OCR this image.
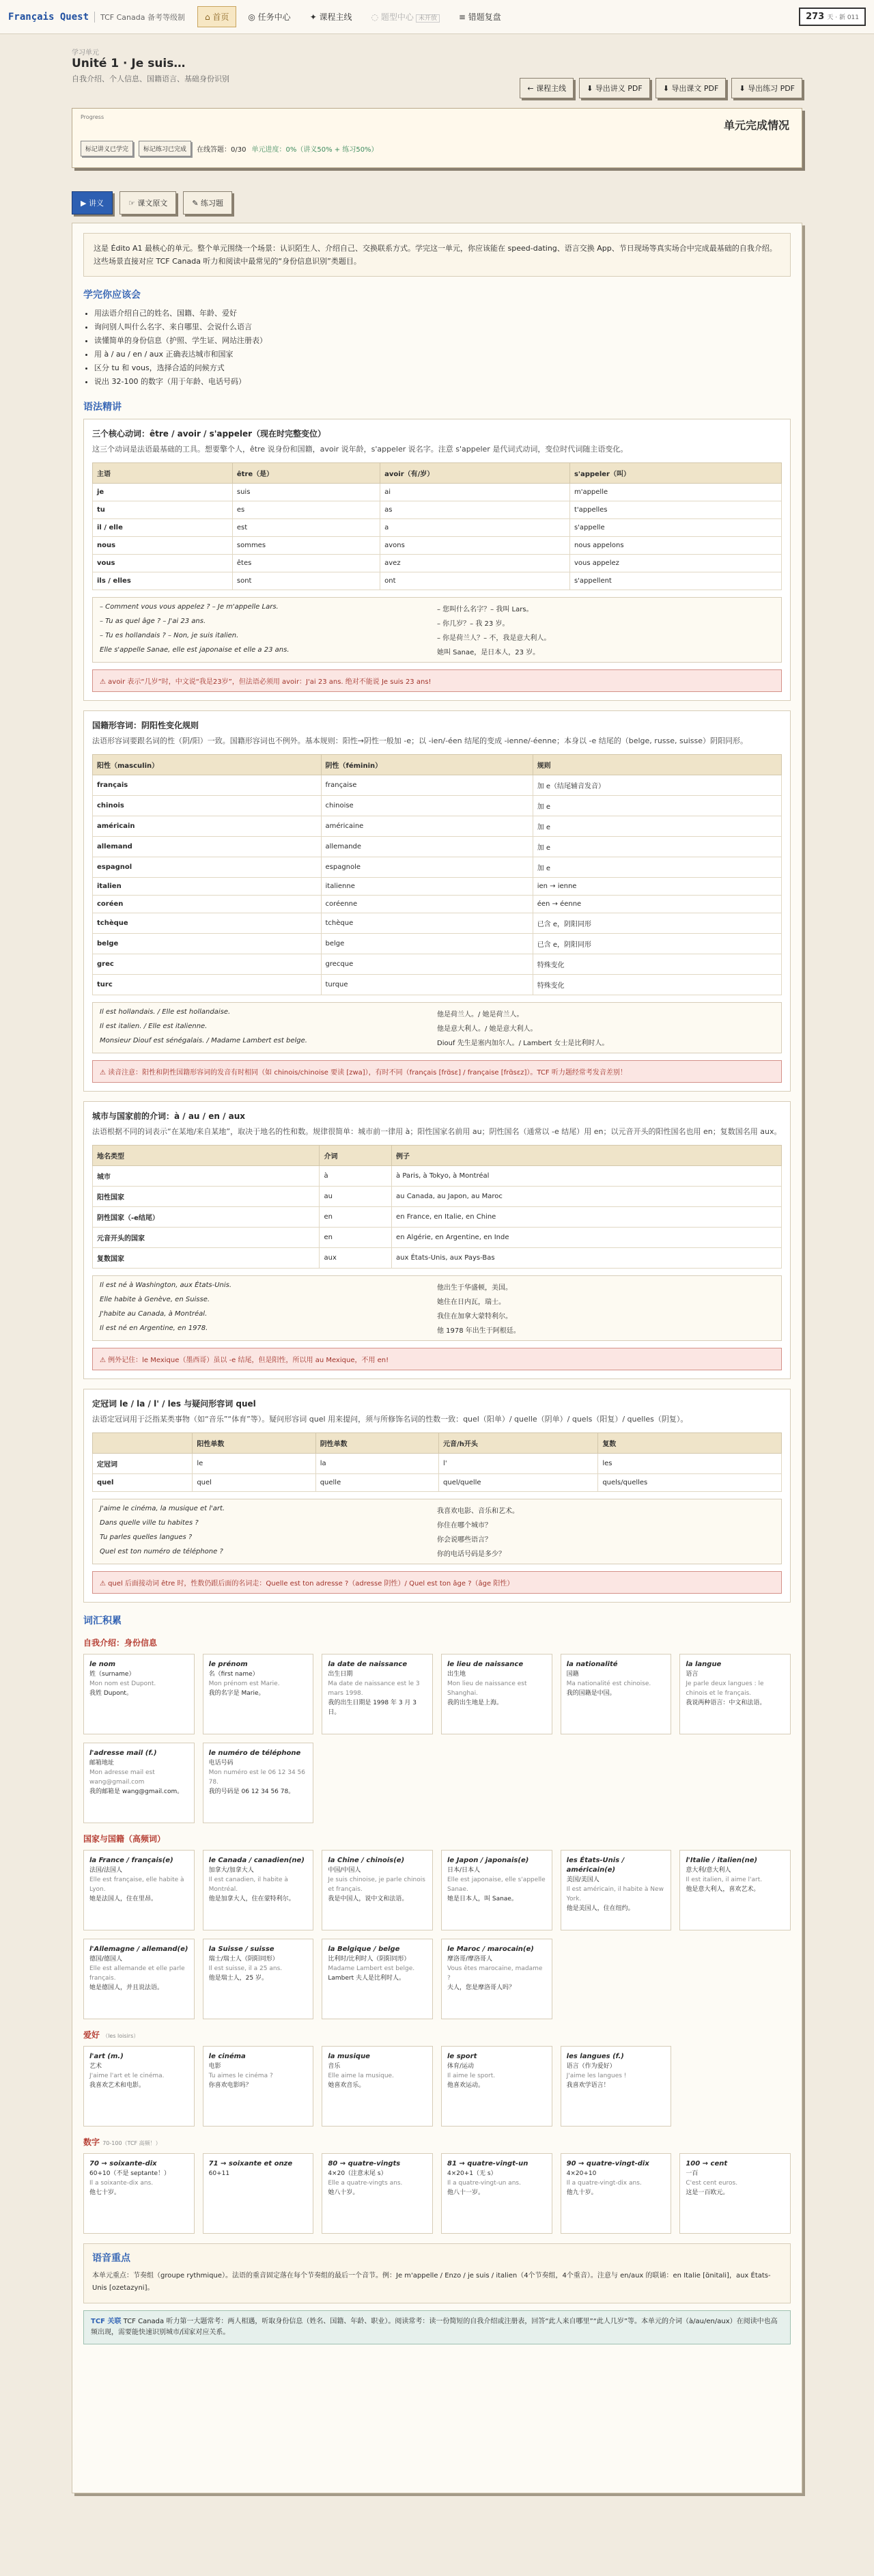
Français Quest	TCF Canada 备考等级制	⌂ 首页	◎ 任务中心	✦ 课程主线	◌ 题型中心 未开放	≡ 错题复盘	273 天 · 新 011
学习单元
Unité 1 · Je suis…
自我介绍、个人信息、国籍语言、基础身份识别
← 课程主线	⬇ 导出讲义 PDF	⬇ 导出课文 PDF	⬇ 导出练习 PDF
Progress
单元完成情况
标记讲义已学完	标记练习已完成	在线答题：0/30 单元进度：0%（讲义50% + 练习50%）
▶ 讲义	☞ 课文原文	✎ 练习题
这是 Édito A1 最核心的单元。整个单元围绕一个场景：认识陌生人、介绍自己、交换联系方式。学完这一单元，你应该能在 speed-dating、语言交换 App、节日现场等真实场合中完成最基础的自我介绍。这些场景直接对应 TCF Canada 听力和阅读中最常见的“身份信息识别”类题目。
学完你应该会
• 用法语介绍自己的姓名、国籍、年龄、爱好
• 询问别人叫什么名字、来自哪里、会说什么语言
• 读懂简单的身份信息（护照、学生证、网站注册表）
• 用 à / au / en / aux 正确表达城市和国家
• 区分 tu 和 vous，选择合适的问候方式
• 说出 32-100 的数字（用于年龄、电话号码）
语法精讲
三个核心动词：être / avoir / s'appeler（现在时完整变位）
这三个动词是法语最基础的工具。想要擎个人，être 说身份和国籍，avoir 说年龄，s'appeler 说名字。注意 s'appeler 是代词式动词，变位时代词随主语变化。
主语	être（是）	avoir（有/岁）	s'appeler（叫）
je	suis	ai	m'appelle
tu	es	as	t'appelles
il / elle	est	a	s'appelle
nous	sommes	avons	nous appelons
vous	êtes	avez	vous appelez
ils / elles	sont	ont	s'appellent
– Comment vous vous appelez ? – Je m'appelle Lars.	– 您叫什么名字？– 我叫 Lars。
– Tu as quel âge ? – J'ai 23 ans.	– 你几岁？– 我 23 岁。
– Tu es hollandais ? – Non, je suis italien.	– 你是荷兰人？– 不，我是意大利人。
Elle s'appelle Sanae, elle est japonaise et elle a 23 ans.	她叫 Sanae，是日本人，23 岁。
⚠ avoir 表示“几岁”时，中文说“我是23岁”，但法语必须用 avoir：J'ai 23 ans. 绝对不能说 Je suis 23 ans!
国籍形容词：阴阳性变化规则
法语形容词要跟名词的性（阴/阳）一致。国籍形容词也不例外。基本规则：阳性→阴性一般加 -e；以 -ien/-éen 结尾的变成 -ienne/-éenne；本身以 -e 结尾的（belge, russe, suisse）阴阳同形。
阳性（masculin）	阴性（féminin）	规则
français	française	加 e（结尾辅音发音）
chinois	chinoise	加 e
américain	américaine	加 e
allemand	allemande	加 e
espagnol	espagnole	加 e
italien	italienne	ien → ienne
coréen	coréenne	éen → éenne
tchèque	tchèque	已含 e，阴阳同形
belge	belge	已含 e，阴阳同形
grec	grecque	特殊变化
turc	turque	特殊变化
Il est hollandais. / Elle est hollandaise.	他是荷兰人。/ 她是荷兰人。
Il est italien. / Elle est italienne.	他是意大利人。/ 她是意大利人。
Monsieur Diouf est sénégalais. / Madame Lambert est belge.	Diouf 先生是塞内加尔人。/ Lambert 女士是比利时人。
⚠ 读音注意：阳性和阴性国籍形容词的发音有时相同（如 chinois/chinoise 要读 [zwa]），有时不同（français [frɑ̃sɛ] / française [frɑ̃sɛz]）。TCF 听力题经常考发音差别！
城市与国家前的介词：à / au / en / aux
法语根据不同的词表示“在某地/来自某地”，取决于地名的性和数。规律很简单：城市前一律用 à；阳性国家名前用 au；阴性国名（通常以 -e 结尾）用 en；以元音开头的阳性国名也用 en；复数国名用 aux。
地名类型	介词	例子
城市	à	à Paris, à Tokyo, à Montréal
阳性国家	au	au Canada, au Japon, au Maroc
阴性国家（-e结尾）	en	en France, en Italie, en Chine
元音开头的国家	en	en Algérie, en Argentine, en Inde
复数国家	aux	aux États-Unis, aux Pays-Bas
Il est né à Washington, aux États-Unis.	他出生于华盛顿，美国。
Elle habite à Genève, en Suisse.	她住在日内瓦，瑞士。
J'habite au Canada, à Montréal.	我住在加拿大蒙特利尔。
Il est né en Argentine, en 1978.	他 1978 年出生于阿根廷。
⚠ 例外记住：le Mexique（墨西哥）虽以 -e 结尾，但是阳性，所以用 au Mexique，不用 en!
定冠词 le / la / l' / les 与疑问形容词 quel
法语定冠词用于泛指某类事物（如“音乐”“体育”等）。疑问形容词 quel 用来提问，须与所修饰名词的性数一致：quel（阳单）/ quelle（阴单）/ quels（阳复）/ quelles（阴复）。
	阳性单数	阴性单数	元音/h开头	复数
定冠词	le	la	l'	les
quel	quel	quelle	quel/quelle	quels/quelles
J'aime le cinéma, la musique et l'art.	我喜欢电影、音乐和艺术。
Dans quelle ville tu habites ?	你住在哪个城市？
Tu parles quelles langues ?	你会说哪些语言？
Quel est ton numéro de téléphone ?	你的电话号码是多少？
⚠ quel 后面接动词 être 时，性数仍跟后面的名词走：Quelle est ton adresse ?（adresse 阴性）/ Quel est ton âge ?（âge 阳性）
词汇积累
自我介绍：身份信息
le nom
姓（surname）
Mon nom est Dupont.
我姓 Dupont。
le prénom
名（first name）
Mon prénom est Marie.
我的名字是 Marie。
la date de naissance
出生日期
Ma date de naissance est le 3 mars 1998.
我的出生日期是 1998 年 3 月 3 日。
le lieu de naissance
出生地
Mon lieu de naissance est Shanghai.
我的出生地是上海。
la nationalité
国籍
Ma nationalité est chinoise.
我的国籍是中国。
la langue
语言
Je parle deux langues : le chinois et le français.
我说两种语言：中文和法语。
l'adresse mail (f.)
邮箱地址
Mon adresse mail est wang@gmail.com
我的邮箱是 wang@gmail.com。
le numéro de téléphone
电话号码
Mon numéro est le 06 12 34 56 78.
我的号码是 06 12 34 56 78。
国家与国籍（高频词）
la France / français(e)
法国/法国人
Elle est française, elle habite à Lyon.
她是法国人，住在里昂。
le Canada / canadien(ne)
加拿大/加拿大人
Il est canadien, il habite à Montréal.
他是加拿大人，住在蒙特利尔。
la Chine / chinois(e)
中国/中国人
Je suis chinoise, je parle chinois et français.
我是中国人，说中文和法语。
le Japon / japonais(e)
日本/日本人
Elle est japonaise, elle s'appelle Sanae.
她是日本人，叫 Sanae。
les États-Unis / américain(e)
美国/美国人
Il est américain, il habite à New York.
他是美国人，住在纽约。
l'Italie / italien(ne)
意大利/意大利人
Il est italien, il aime l'art.
他是意大利人，喜欢艺术。
l'Allemagne / allemand(e)
德国/德国人
Elle est allemande et elle parle français.
她是德国人，并且说法语。
la Suisse / suisse
瑞士/瑞士人（阴阳同形）
Il est suisse, il a 25 ans.
他是瑞士人，25 岁。
la Belgique / belge
比利时/比利时人（阴阳同形）
Madame Lambert est belge.
Lambert 夫人是比利时人。
le Maroc / marocain(e)
摩洛哥/摩洛哥人
Vous êtes marocaine, madame ?
夫人，您是摩洛哥人吗？
爱好 （les loisirs）
l'art (m.)
艺术
J'aime l'art et le cinéma.
我喜欢艺术和电影。
le cinéma
电影
Tu aimes le cinéma ?
你喜欢电影吗？
la musique
音乐
Elle aime la musique.
她喜欢音乐。
le sport
体育/运动
Il aime le sport.
他喜欢运动。
les langues (f.)
语言（作为爱好）
J'aime les langues !
我喜欢学语言！
数字 70-100（TCF 高频！）
70 → soixante-dix
60+10（不是 septante！）
Il a soixante-dix ans.
他七十岁。
71 → soixante et onze
60+11
80 → quatre-vingts
4×20（注意末尾 s）
Elle a quatre-vingts ans.
她八十岁。
81 → quatre-vingt-un
4×20+1（无 s）
Il a quatre-vingt-un ans.
他八十一岁。
90 → quatre-vingt-dix
4×20+10
Il a quatre-vingt-dix ans.
他九十岁。
100 → cent
一百
C'est cent euros.
这是一百欧元。
语音重点
本单元重点：节奏组（groupe rythmique）。法语的重音固定落在每个节奏组的最后一个音节。例：Je m'appelle / Enzo / je suis / italien（4个节奏组，4个重音）。注意与 en/aux 的联诵：en Italie [ɑ̃nitali]，aux États-Unis [ozetazyni]。
TCF 关联 TCF Canada 听力第一大题常考：两人相遇，听取身份信息（姓名、国籍、年龄、职业）。阅读常考：读一份简短的自我介绍或注册表，回答“此人来自哪里”“此人几岁”等。本单元的介词（à/au/en/aux）在阅读中也高频出现，需要能快速识别城市/国家对应关系。
